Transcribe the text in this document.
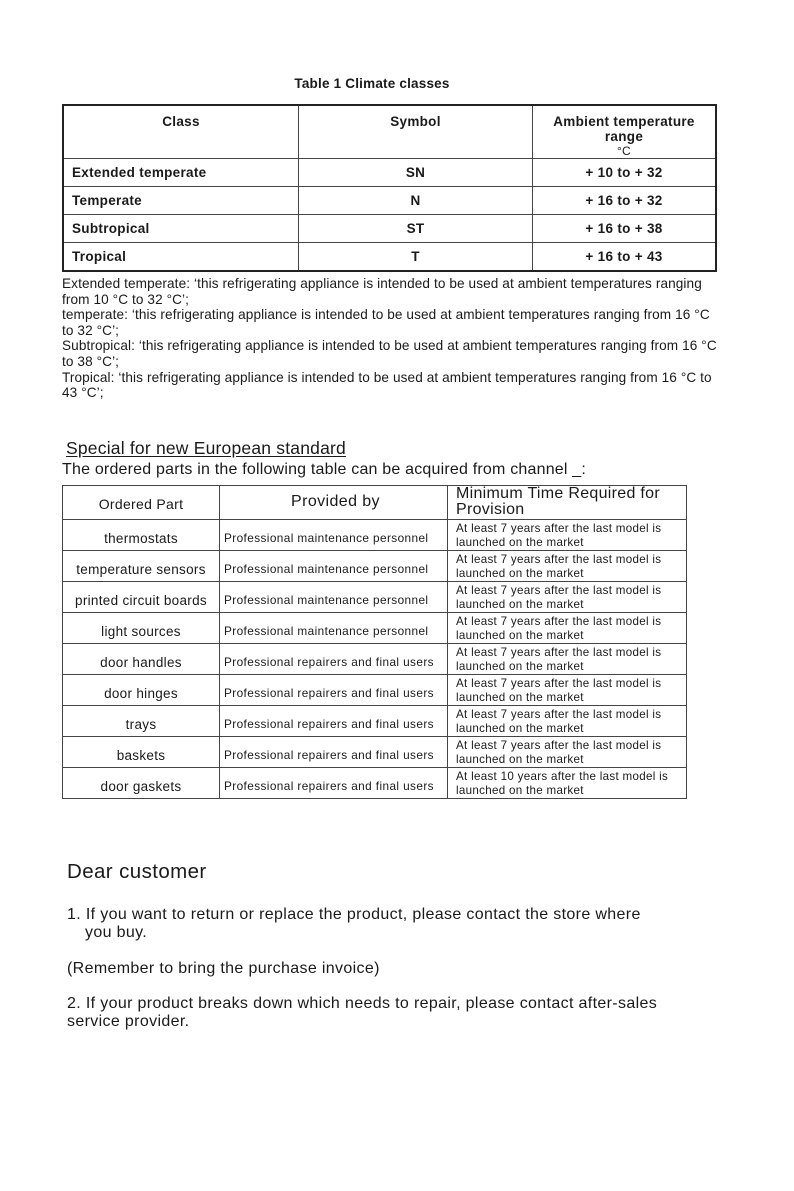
Table 1 Climate classes
Class	Symbol	Ambient temperature range
°C

Extended temperate	SN	+ 10 to + 32
Temperate	N	+ 16 to + 32
Subtropical	ST	+ 16 to + 38
Tropical	T	+ 16 to + 43

Extended temperate: ‘this refrigerating appliance is intended to be used at ambient temperatures ranging from 10 °C to 32 °C’;

temperate: ‘this refrigerating appliance is intended to be used at ambient temperatures ranging from 16 °C to 32 °C’;

Subtropical: ‘this refrigerating appliance is intended to be used at ambient temperatures ranging from 16 °C to 38 °C’;

Tropical: ‘this refrigerating appliance is intended to be used at ambient temperatures ranging from 16 °C to 43 °C’;

Special for new European standard
The ordered parts in the following table can be acquired from channel _:
Ordered Part	Provided by	Minimum Time Required for Provision
thermostats	Professional maintenance personnel	At least 7 years after the last model is launched on the market
temperature sensors	Professional maintenance personnel	At least 7 years after the last model is launched on the market
printed circuit boards	Professional maintenance personnel	At least 7 years after the last model is launched on the market
light sources	Professional maintenance personnel	At least 7 years after the last model is launched on the market
door handles	Professional repairers and final users	At least 7 years after the last model is launched on the market
door hinges	Professional repairers and final users	At least 7 years after the last model is launched on the market
trays	Professional repairers and final users	At least 7 years after the last model is launched on the market
baskets	Professional repairers and final users	At least 7 years after the last model is launched on the market
door gaskets	Professional repairers and final users	At least 10 years after the last model is launched on the market
Dear customer
1. If you want to return or replace the product, please contact the store where
you buy.
(Remember to bring the purchase invoice)
2. If your product breaks down which needs to repair, please contact after-sales service provider.
